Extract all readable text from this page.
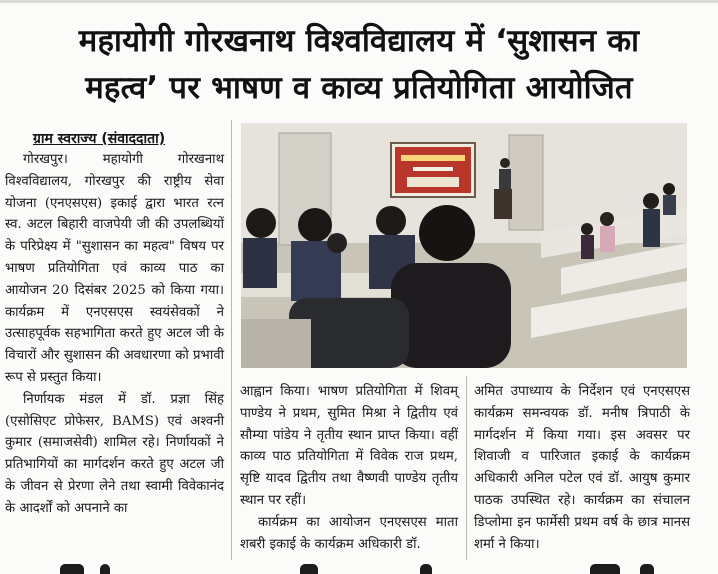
महायोगी गोरखनाथ विश्वविद्यालय में ‘सुशासन का
महत्व’ पर भाषण व काव्य प्रतियोगिता आयोजित
ग्राम स्वराज्य (संवाददाता)

गोरखपुर। महायोगी गोरखनाथ विश्वविद्यालय, गोरखपुर की राष्ट्रीय सेवा योजना (एनएसएस) इकाई द्वारा भारत रत्न स्व. अटल बिहारी वाजपेयी जी की उपलब्धियों के परिप्रेक्ष्य में "सुशासन का महत्व" विषय पर भाषण प्रतियोगिता एवं काव्य पाठ का आयोजन 20 दिसंबर 2025 को किया गया। कार्यक्रम में एनएसएस स्वयंसेवकों ने उत्साहपूर्वक सहभागिता करते हुए अटल जी के विचारों और सुशासन की अवधारणा को प्रभावी रूप से प्रस्तुत किया।

निर्णायक मंडल में डॉ. प्रज्ञा सिंह (एसोसिएट प्रोफेसर, BAMS) एवं अश्वनी कुमार (समाजसेवी) शामिल रहे। निर्णायकों ने प्रतिभागियों का मार्गदर्शन करते हुए अटल जी के जीवन से प्रेरणा लेने तथा स्वामी विवेकानंद के आदर्शों को अपनाने का

आह्वान किया। भाषण प्रतियोगिता में शिवम् पाण्डेय ने प्रथम, सुमित मिश्रा ने द्वितीय एवं सौम्या पांडेय ने तृतीय स्थान प्राप्त किया। वहीं काव्य पाठ प्रतियोगिता में विवेक राज प्रथम, सृष्टि यादव द्वितीय तथा वैष्णवी पाण्डेय तृतीय स्थान पर रहीं।

कार्यक्रम का आयोजन एनएसएस माता शबरी इकाई के कार्यक्रम अधिकारी डॉ.

अमित उपाध्याय के निर्देशन एवं एनएसएस कार्यक्रम समन्वयक डॉ. मनीष त्रिपाठी के मार्गदर्शन में किया गया। इस अवसर पर शिवाजी व पारिजात इकाई के कार्यक्रम अधिकारी अनिल पटेल एवं डॉ. आयुष कुमार पाठक उपस्थित रहे। कार्यक्रम का संचालन डिप्लोमा इन फार्मेसी प्रथम वर्ष के छात्र मानस शर्मा ने किया।
